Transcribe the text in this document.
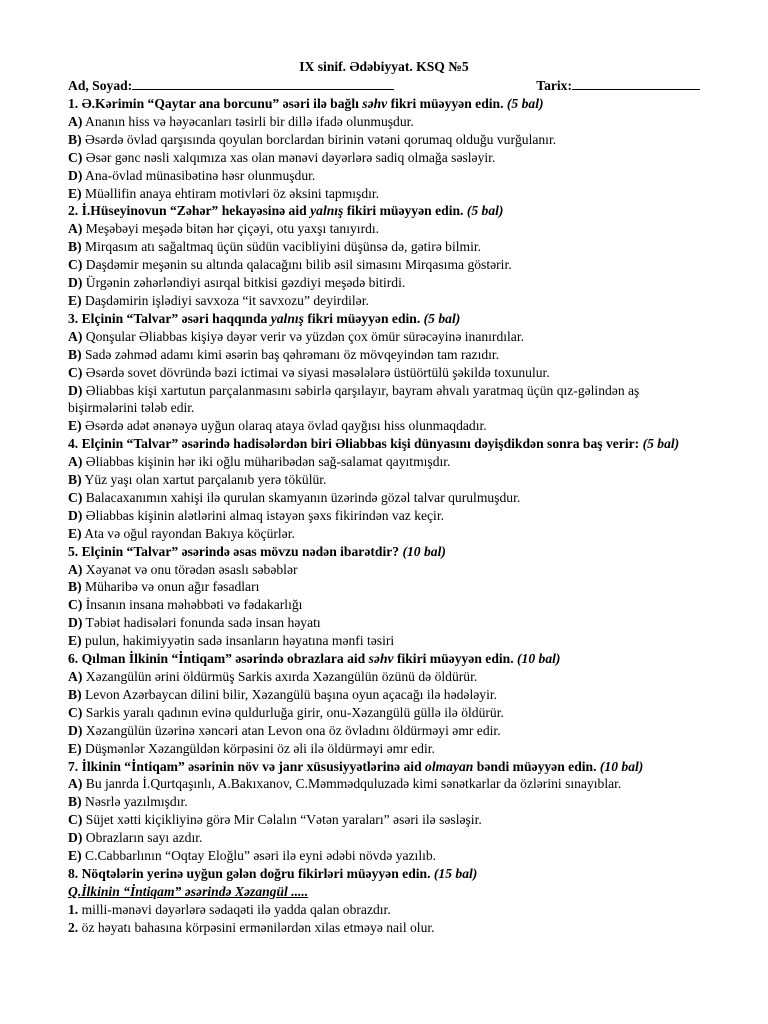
IX sinif. Ədəbiyyat. KSQ №5
Ad, Soyad:	Tarix:
1. Ə.Kərimin “Qaytar ana borcunu” əsəri ilə bağlı səhv fikri müəyyən edin. (5 bal)
A) Ananın hiss və həyəcanları təsirli bir dillə ifadə olunmuşdur.
B) Əsərdə övlad qarşısında qoyulan borclardan birinin vətəni qorumaq olduğu vurğulanır.
C) Əsər gənc nəsli xalqımıza xas olan mənəvi dəyərlərə sadiq olmağa səsləyir.
D) Ana-övlad münasibətinə həsr olunmuşdur.
E) Müəllifin anaya ehtiram motivləri öz əksini tapmışdır.
2. İ.Hüseyinovun “Zəhər” hekayəsinə aid yalnış fikiri müəyyən edin. (5 bal)
A) Meşəbəyi meşədə bitən hər çiçəyi, otu yaxşı tanıyırdı.
B) Mirqasım atı sağaltmaq üçün südün vacibliyini düşünsə də, gətirə bilmir.
C) Daşdəmir meşənin su altında qalacağını bilib əsil simasını Mirqasıma göstərir.
D) Ürgənin zəhərləndiyi asırqal bitkisi gəzdiyi meşədə bitirdi.
E) Daşdəmirin işlədiyi savxoza “it savxozu” deyirdilər.
3. Elçinin “Talvar” əsəri haqqında yalnış fikri müəyyən edin. (5 bal)
A) Qonşular Əliabbas kişiyə dəyər verir və yüzdən çox ömür sürəcəyinə inanırdılar.
B) Sadə zəhməd adamı kimi əsərin baş qəhrəmanı öz mövqeyindən tam razıdır.
C) Əsərdə sovet dövründə bəzi ictimai və siyasi məsələlərə üstüörtülü şəkildə toxunulur.
D) Əliabbas kişi xartutun parçalanmasını səbirlə qarşılayır, bayram əhvalı yaratmaq üçün qız-gəlindən aş bişirmələrini tələb edir.
E) Əsərdə adət ənənəyə uyğun olaraq ataya övlad qayğısı hiss olunmaqdadır.
4. Elçinin “Talvar” əsərində hadisələrdən biri Əliabbas kişi dünyasını dəyişdikdən sonra baş verir: (5 bal)
A) Əliabbas kişinin hər iki oğlu müharibədən sağ-salamat qayıtmışdır.
B) Yüz yaşı olan xartut parçalanıb yerə tökülür.
C) Balacaxanımın xahişi ilə qurulan skamyanın üzərində gözəl talvar qurulmuşdur.
D) Əliabbas kişinin alətlərini almaq istəyən şəxs fikirindən vaz keçir.
E) Ata və oğul rayondan Bakıya köçürlər.
5. Elçinin “Talvar” əsərində əsas mövzu nədən ibarətdir? (10 bal)
A) Xəyanət və onu törədən əsaslı səbəblər
B) Müharibə və onun ağır fəsadları
C) İnsanın insana məhəbbəti və fədakarlığı
D) Təbiət hadisələri fonunda sadə insan həyatı
E) pulun, hakimiyyətin sadə insanların həyatına mənfi təsiri
6. Qılman İlkinin “İntiqam” əsərində obrazlara aid səhv fikiri müəyyən edin. (10 bal)
A) Xəzangülün ərini öldürmüş Sarkis axırda Xəzangülün özünü də öldürür.
B) Levon Azərbaycan dilini bilir, Xəzangülü başına oyun açacağı ilə hədələyir.
C) Sarkis yaralı qadının evinə quldurluğa girir, onu-Xəzangülü güllə ilə öldürür.
D) Xəzangülün üzərinə xəncəri atan Levon ona öz övladını öldürməyi əmr edir.
E) Düşmənlər Xəzangüldən körpəsini öz əli ilə öldürməyi əmr edir.
7. İlkinin “İntiqam” əsərinin növ və janr xüsusiyyətlərinə aid olmayan bəndi müəyyən edin. (10 bal)
A) Bu janrda İ.Qurtqaşınlı, A.Bakıxanov, C.Məmmədquluzadə kimi sənətkarlar da özlərini sınayıblar.
B) Nəsrlə yazılmışdır.
C) Süjet xətti kiçikliyinə görə Mir Cəlalın “Vətən yaraları” əsəri ilə səsləşir.
D) Obrazların sayı azdır.
E) C.Cabbarlının “Oqtay Eloğlu” əsəri ilə eyni ədəbi növdə yazılıb.
8. Nöqtələrin yerinə uyğun gələn doğru fikirləri müəyyən edin. (15 bal)
Q.İlkinin “İntiqam” əsərində Xəzangül .....
1. milli-mənəvi dəyərlərə sədaqəti ilə yadda qalan obrazdır.
2. öz həyatı bahasına körpəsini ermənilərdən xilas etməyə nail olur.
